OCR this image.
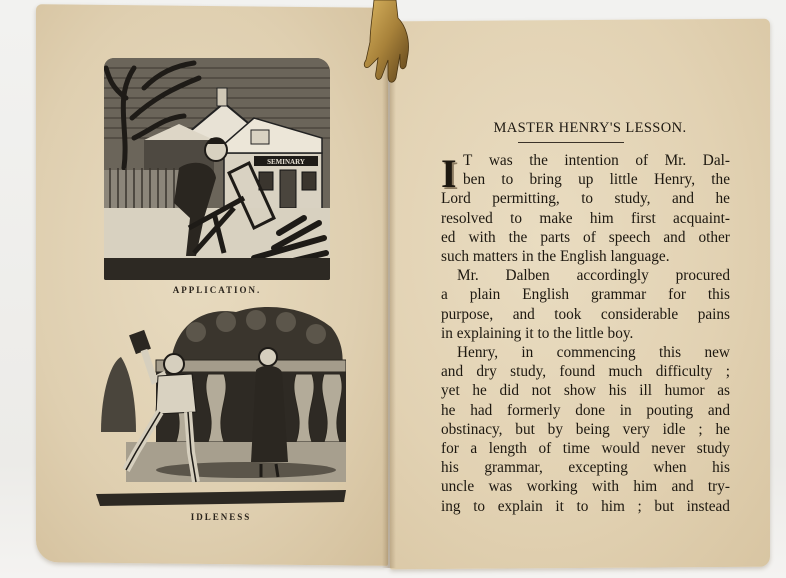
SEMINARY
APPLICATION.
IDLENESS
MASTER HENRY'S LESSON.
I T was the intention of Mr. Dal-
ben to bring up little Henry, the
Lord permitting, to study, and he
resolved to make him first acquaint-
ed with the parts of speech and other
such matters in the English language.
Mr. Dalben accordingly procured
a plain English grammar for this
purpose, and took considerable pains
in explaining it to the little boy.
Henry, in commencing this new
and dry study, found much difficulty ;
yet he did not show his ill humor as
he had formerly done in pouting and
obstinacy, but by being very idle ; he
for a length of time would never study
his grammar, excepting when his
uncle was working with him and try-
ing to explain it to him ; but instead
